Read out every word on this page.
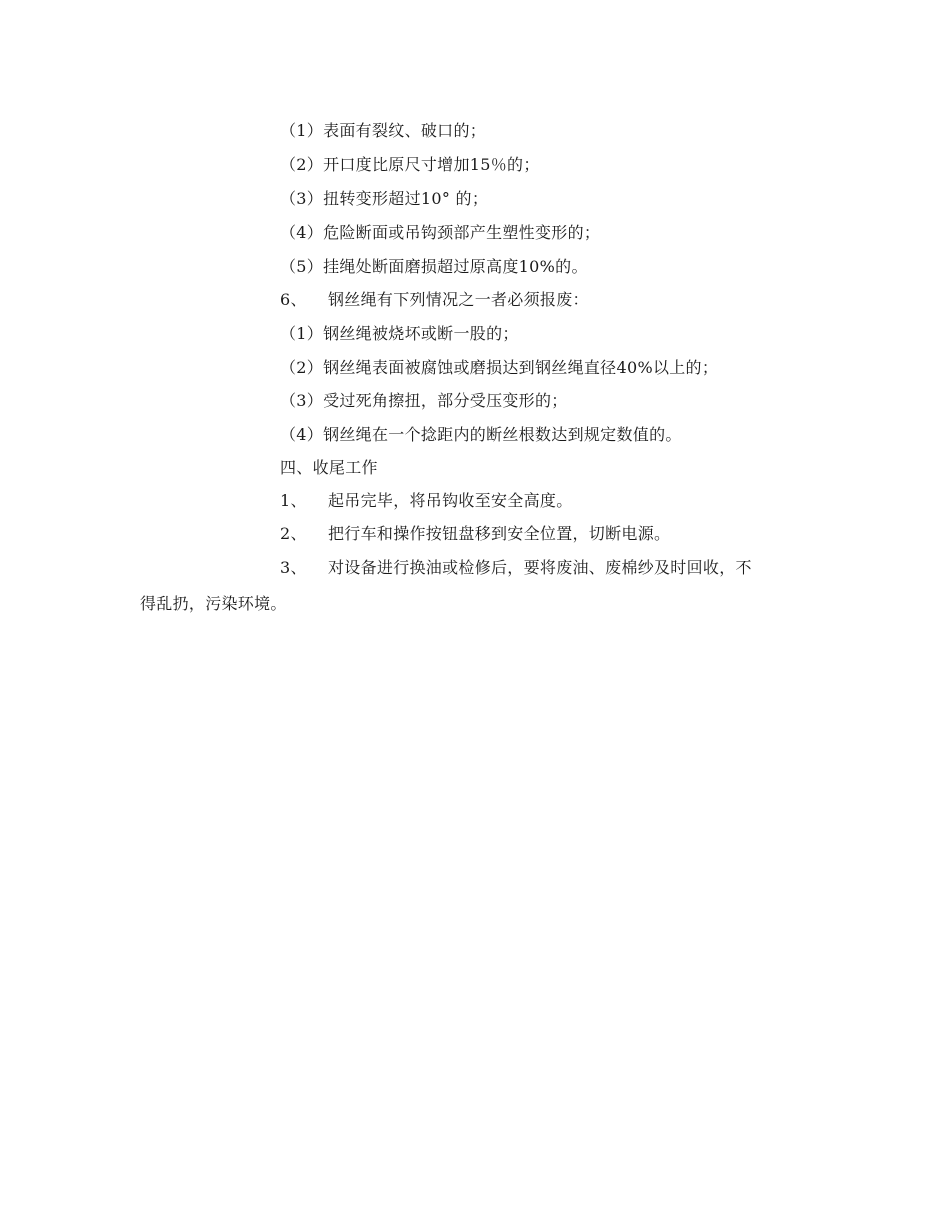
（1）表面有裂纹、破口的；
（2）开口度比原尺寸增加15％的；
（3）扭转变形超过10° 的；
（4）危险断面或吊钩颈部产生塑性变形的；
（5）挂绳处断面磨损超过原高度10%的。
6、 钢丝绳有下列情况之一者必须报废：
（1）钢丝绳被烧坏或断一股的；
（2）钢丝绳表面被腐蚀或磨损达到钢丝绳直径40%以上的；
（3）受过死角擦扭，部分受压变形的；
（4）钢丝绳在一个捻距内的断丝根数达到规定数值的。
四、收尾工作
1、 起吊完毕，将吊钩收至安全高度。
2、 把行车和操作按钮盘移到安全位置，切断电源。
3、 对设备进行换油或检修后，要将废油、废棉纱及时回收，不
得乱扔，污染环境。
